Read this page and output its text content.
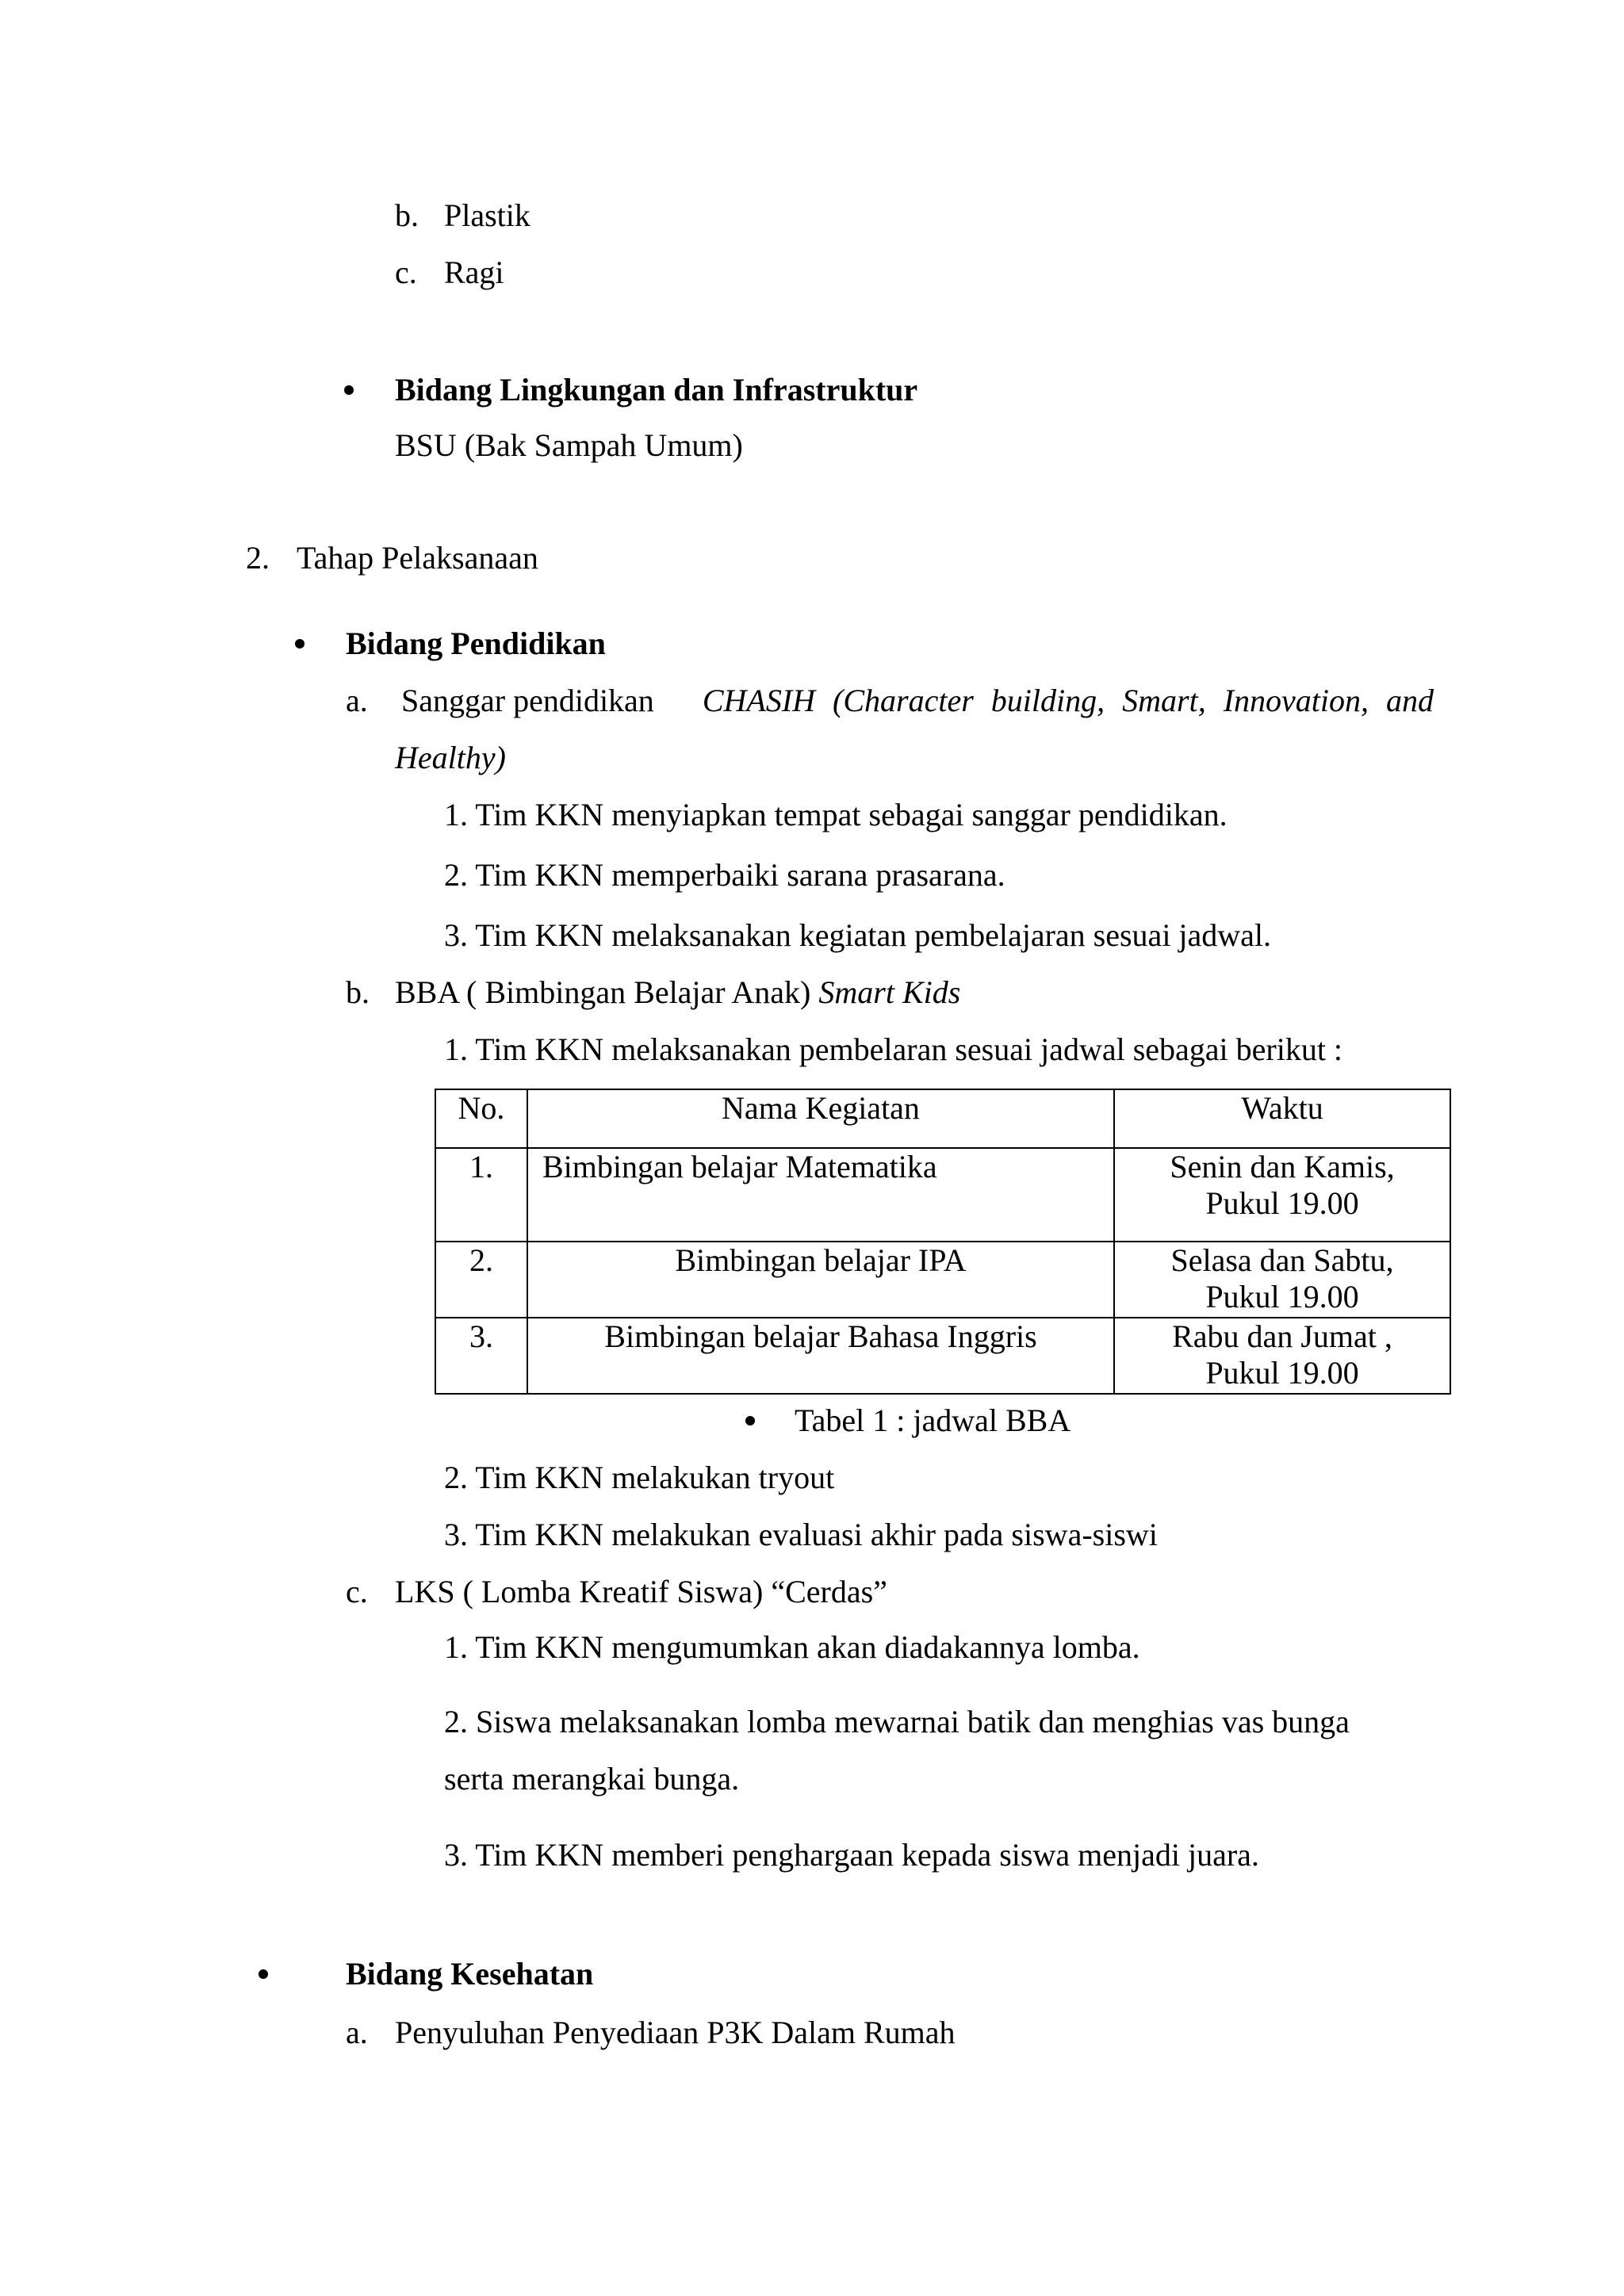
b. Plastik
c. Ragi
Bidang Lingkungan dan Infrastruktur
BSU (Bak Sampah Umum)
2. Tahap Pelaksanaan
Bidang Pendidikan
a. Sanggar pendidikan CHASIH (Character building, Smart, Innovation, and
Healthy)
1. Tim KKN menyiapkan tempat sebagai sanggar pendidikan.
2. Tim KKN memperbaiki sarana prasarana.
3. Tim KKN melaksanakan kegiatan pembelajaran sesuai jadwal.
b. BBA ( Bimbingan Belajar Anak) Smart Kids
1. Tim KKN melaksanakan pembelaran sesuai jadwal sebagai berikut :
No.	Nama Kegiatan	Waktu
1.	Bimbingan belajar Matematika	Senin dan Kamis,
Pukul 19.00

2.	Bimbingan belajar IPA	Selasa dan Sabtu,
Pukul 19.00

3.	Bimbingan belajar Bahasa Inggris	Rabu dan Jumat ,
Pukul 19.00
Tabel 1 : jadwal BBA
2. Tim KKN melakukan tryout
3. Tim KKN melakukan evaluasi akhir pada siswa-siswi
c. LKS ( Lomba Kreatif Siswa) “Cerdas”
1. Tim KKN mengumumkan akan diadakannya lomba.
2. Siswa melaksanakan lomba mewarnai batik dan menghias vas bunga
serta merangkai bunga.
3. Tim KKN memberi penghargaan kepada siswa menjadi juara.
Bidang Kesehatan
a. Penyuluhan Penyediaan P3K Dalam Rumah
